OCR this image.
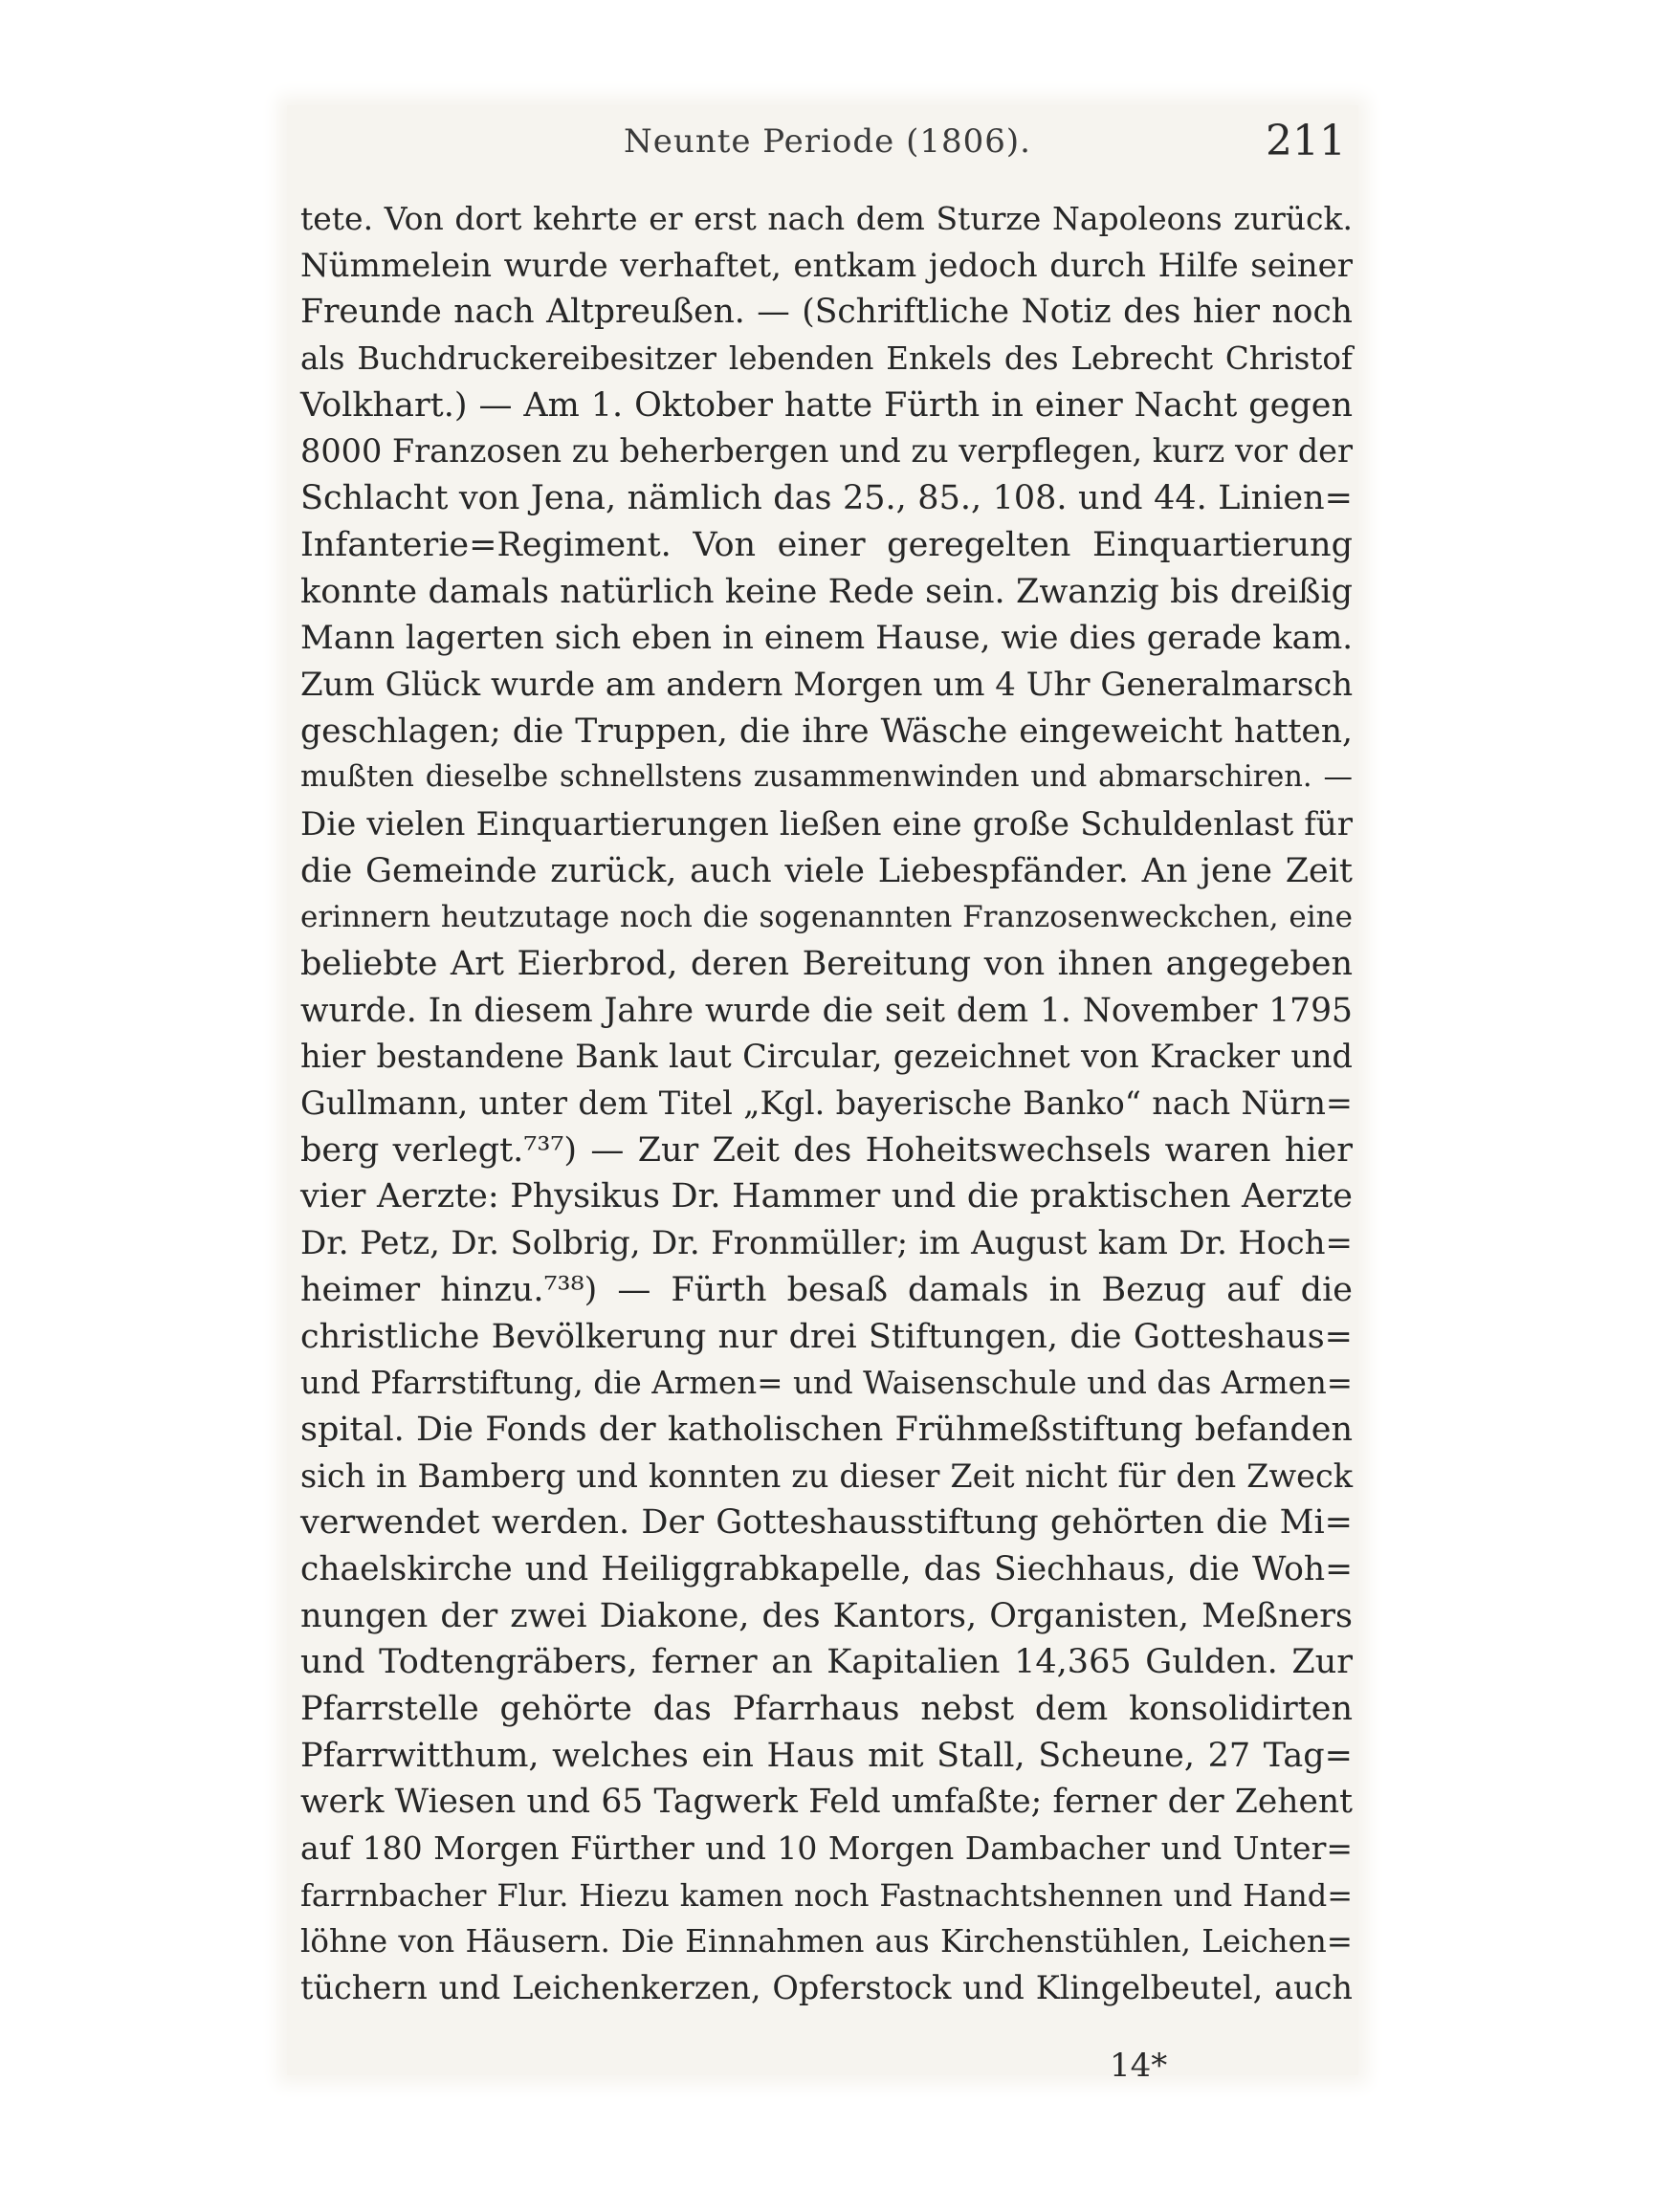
Neunte Periode (1806).	211
tete. Von dort kehrte er erst nach dem Sturze Napoleons zurück.
Nümmelein wurde verhaftet, entkam jedoch durch Hilfe seiner
Freunde nach Altpreußen. — (Schriftliche Notiz des hier noch
als Buchdruckereibesitzer lebenden Enkels des Lebrecht Christof
Volkhart.) — Am 1. Oktober hatte Fürth in einer Nacht gegen
8000 Franzosen zu beherbergen und zu verpflegen, kurz vor der
Schlacht von Jena, nämlich das 25., 85., 108. und 44. Linien=
Infanterie=Regiment. Von einer geregelten Einquartierung
konnte damals natürlich keine Rede sein. Zwanzig bis dreißig
Mann lagerten sich eben in einem Hause, wie dies gerade kam.
Zum Glück wurde am andern Morgen um 4 Uhr Generalmarsch
geschlagen; die Truppen, die ihre Wäsche eingeweicht hatten,
mußten dieselbe schnellstens zusammenwinden und abmarschiren. —
Die vielen Einquartierungen ließen eine große Schuldenlast für
die Gemeinde zurück, auch viele Liebespfänder. An jene Zeit
erinnern heutzutage noch die sogenannten Franzosenweckchen, eine
beliebte Art Eierbrod, deren Bereitung von ihnen angegeben
wurde. In diesem Jahre wurde die seit dem 1. November 1795
hier bestandene Bank laut Circular, gezeichnet von Kracker und
Gullmann, unter dem Titel „Kgl. bayerische Banko“ nach Nürn=
berg verlegt.⁷³⁷) — Zur Zeit des Hoheitswechsels waren hier
vier Aerzte: Physikus Dr. Hammer und die praktischen Aerzte
Dr. Petz, Dr. Solbrig, Dr. Fronmüller; im August kam Dr. Hoch=
heimer hinzu.⁷³⁸) — Fürth besaß damals in Bezug auf die
christliche Bevölkerung nur drei Stiftungen, die Gotteshaus=
und Pfarrstiftung, die Armen= und Waisenschule und das Armen=
spital. Die Fonds der katholischen Frühmeßstiftung befanden
sich in Bamberg und konnten zu dieser Zeit nicht für den Zweck
verwendet werden. Der Gotteshausstiftung gehörten die Mi=
chaelskirche und Heiliggrabkapelle, das Siechhaus, die Woh=
nungen der zwei Diakone, des Kantors, Organisten, Meßners
und Todtengräbers, ferner an Kapitalien 14,365 Gulden. Zur
Pfarrstelle gehörte das Pfarrhaus nebst dem konsolidirten
Pfarrwitthum, welches ein Haus mit Stall, Scheune, 27 Tag=
werk Wiesen und 65 Tagwerk Feld umfaßte; ferner der Zehent
auf 180 Morgen Fürther und 10 Morgen Dambacher und Unter=
farrnbacher Flur. Hiezu kamen noch Fastnachtshennen und Hand=
löhne von Häusern. Die Einnahmen aus Kirchenstühlen, Leichen=
tüchern und Leichenkerzen, Opferstock und Klingelbeutel, auch
14*
